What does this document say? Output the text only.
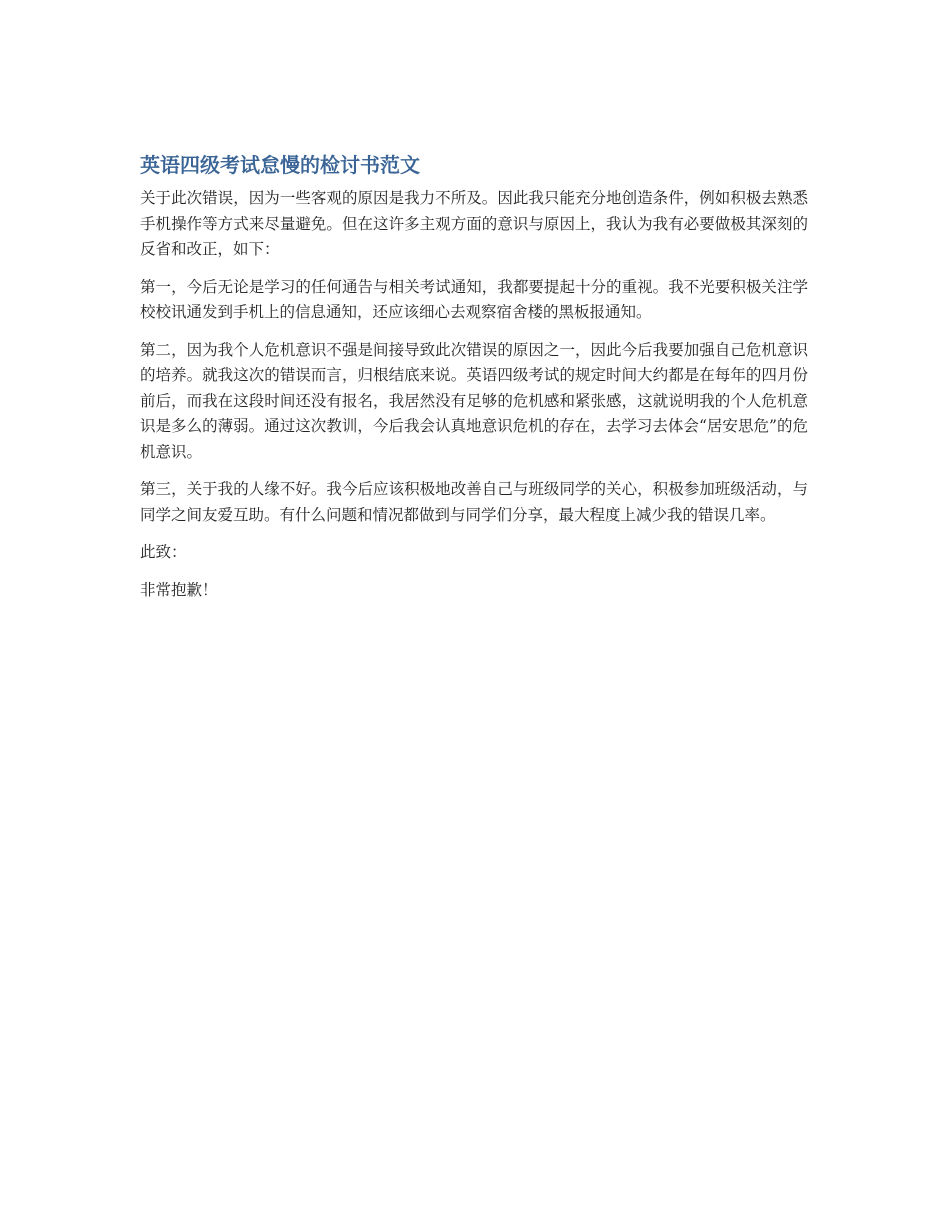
英语四级考试怠慢的检讨书范文

关于此次错误，因为一些客观的原因是我力不所及。因此我只能充分地创造条件，例如积极去熟悉手机操作等方式来尽量避免。但在这许多主观方面的意识与原因上，我认为我有必要做极其深刻的反省和改正，如下：

第一，今后无论是学习的任何通告与相关考试通知，我都要提起十分的重视。我不光要积极关注学校校讯通发到手机上的信息通知，还应该细心去观察宿舍楼的黑板报通知。

第二，因为我个人危机意识不强是间接导致此次错误的原因之一，因此今后我要加强自己危机意识的培养。就我这次的错误而言，归根结底来说。英语四级考试的规定时间大约都是在每年的四月份前后，而我在这段时间还没有报名，我居然没有足够的危机感和紧张感，这就说明我的个人危机意识是多么的薄弱。通过这次教训，今后我会认真地意识危机的存在，去学习去体会“居安思危”的危机意识。

第三，关于我的人缘不好。我今后应该积极地改善自己与班级同学的关心，积极参加班级活动，与同学之间友爱互助。有什么问题和情况都做到与同学们分享，最大程度上减少我的错误几率。

此致：

非常抱歉！
